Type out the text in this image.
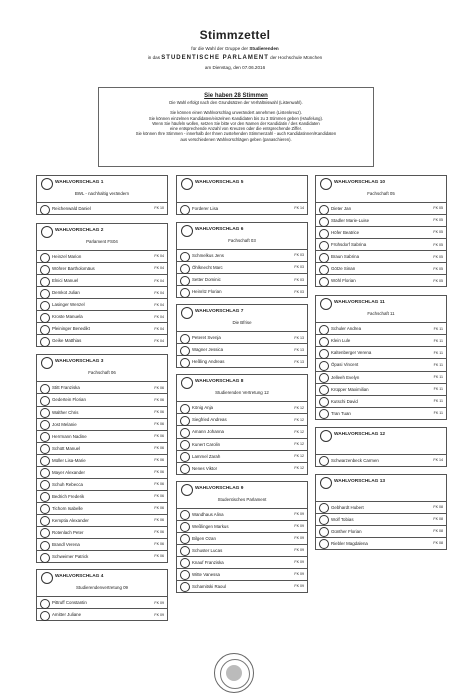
Stimmzettel
für die Wahl der Gruppe der Studierenden
in das STUDENTISCHE PARLAMENT der Hochschule München
am Dienstag, den 07.06.2016
Sie haben 28 Stimmen
Die Wahl erfolgt nach den Grundsätzen der Verhältniswahl (Listenwahl).
Sie können einen Wahlvorschlag unverändert annehmen (Listenkreuz).
Sie können einzelnen Kandidaten/einzelnen Kandidaten bis zu 3 Stimmen geben (Häufelung).
Wenn Sie häufeln wollen, setzen Sie bitte vor den Namen der Kandidatin / des Kandidaten
eine entsprechende Anzahl von Kreuzen oder die entsprechende Ziffer.
Sie können Ihre Stimmen - innerhalb der Ihnen zustehenden Stimmenzahl - auch Kandidatinnen/Kandidaten
aus verschiedenen Wahlvorschlägen geben (panaschieren).
WAHLVORSCHLAG 1
BWL - nachhaltig verändern
Reichenwald Daniel	FK 10
WAHLVORSCHLAG 2
Parlament FS04
Heinzel Marion	FK 04
Wöhrer Bartholomäus	FK 04
Elnici Manuel	FK 04
Demkot Julian	FK 04
Lasinger Wenzel	FK 04
Kroste Manuela	FK 04
Pleininger Benedikt	FK 04
Geike Matthias	FK 04
WAHLVORSCHLAG 3
Fachschaft 06
Stitt Franziska	FK 06
Gedertein Florian	FK 06
Walther Chris	FK 06
Jost Melanie	FK 06
Herrmann Nadine	FK 06
Schütt Manuel	FK 06
Müller Lisa-Marie	FK 06
Mayer Alexander	FK 06
Schuh Rebecca	FK 06
Bedrich Frederik	FK 06
Tichorn Isabelle	FK 06
Kemptia Alexander	FK 06
Rotenlach Peter	FK 06
Brandl Verena	FK 06
Schweimer Patrick	FK 06
WAHLVORSCHLAG 4
Studierendenvertretung 09
Pittruff Constantin	FK 09
Amitter Juliane	FK 09
WAHLVORSCHLAG 5
Forderer Lisa	FK 14
WAHLVORSCHLAG 6
Fachschaft 03
Schmelkus Jens	FK 03
Öhlknecht Marc	FK 03
Setter Dominic	FK 03
Heinritz Florian	FK 03
WAHLVORSCHLAG 7
Die Bfrise
Peteret Svenja	FK 13
Wagner Jessica	FK 13
Heßling Andreas	FK 13
WAHLVORSCHLAG 8
Studierenden Vertretung 12
König Anja	FK 12
Siegfried Andreas	FK 12
Amann Johanna	FK 12
Kunert Carolin	FK 12
Lammel Zarah	FK 12
Nenes Viktor	FK 12
WAHLVORSCHLAG 9
Studentisches Parlament
Wandhaus Alina	FK 09
Weßlingen Markus	FK 09
Bilgen Ozan	FK 09
Schuster Lucas	FK 09
Knauf Franziska	FK 09
Witte Vanessa	FK 09
Schamitski Raoul	FK 09
WAHLVORSCHLAG 10
Fachschaft 05
Dieter Jan	FK 05
Stadler Marie-Luise	FK 05
Höfer Beatrice	FK 05
Frühsdorf Sabrina	FK 05
Braun Sabrina	FK 05
Götze Sinan	FK 05
Wöhl Florian	FK 05
WAHLVORSCHLAG 11
Fachschaft 11
Schuler Andrea	FK 11
Klein Lule	FK 11
Kaltenberger Verena	FK 11
Öpasi Vincent	FK 11
Jelleeh Evelyn	FK 11
Krüpper Maximilian	FK 11
Kutschi David	FK 11
Tran Tuan	FK 11
WAHLVORSCHLAG 12
Schwarzenbeck Carmen	FK 14
WAHLVORSCHLAG 13
Gebhardt Hubert	FK 08
Wolf Tobias	FK 08
Günther Florian	FK 08
Riebler Magdalena	FK 08
